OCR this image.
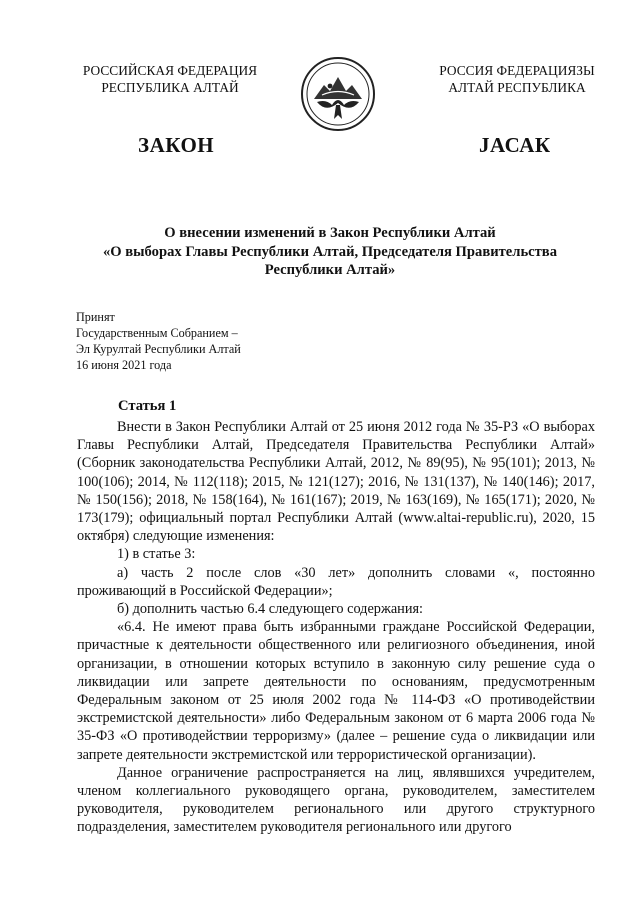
РОССИЙСКАЯ ФЕДЕРАЦИЯ
РЕСПУБЛИКА АЛТАЙ
РОССИЯ ФЕДЕРАЦИЯЗЫ
АЛТАЙ РЕСПУБЛИКА
ЗАКОН	JАСАК
О внесении изменений в Закон Республики Алтай
«О выборах Главы Республики Алтай, Председателя Правительства
Республики Алтай»
Принят
Государственным Собранием –
Эл Курултай Республики Алтай
16 июня 2021 года
Статья 1

Внести в Закон Республики Алтай от 25 июня 2012 года № 35-РЗ «О выборах Главы Республики Алтай, Председателя Правительства Республики Алтай» (Сборник законодательства Республики Алтай, 2012, № 89(95), № 95(101); 2013, № 100(106); 2014, № 112(118); 2015, № 121(127); 2016, № 131(137), № 140(146); 2017, № 150(156); 2018, № 158(164), № 161(167); 2019, № 163(169), № 165(171); 2020, № 173(179); официальный портал Республики Алтай (www.altai-republic.ru), 2020, 15 октября) следующие изменения:

1) в статье 3:

а) часть 2 после слов «30 лет» дополнить словами «, постоянно проживающий в Российской Федерации»;

б) дополнить частью 6.4 следующего содержания:

«6.4. Не имеют права быть избранными граждане Российской Федерации, причастные к деятельности общественного или религиозного объединения, иной организации, в отношении которых вступило в законную силу решение суда о ликвидации или запрете деятельности по основаниям, предусмотренным Федеральным законом от 25 июля 2002 года № 114-ФЗ «О противодействии экстремистской деятельности» либо Федеральным законом от 6 марта 2006 года № 35-ФЗ «О противодействии терроризму» (далее – решение суда о ликвидации или запрете деятельности экстремистской или террористической организации).

Данное ограничение распространяется на лиц, являвшихся учредителем, членом коллегиального руководящего органа, руководителем, заместителем руководителя, руководителем регионального или другого структурного подразделения, заместителем руководителя регионального или другого
